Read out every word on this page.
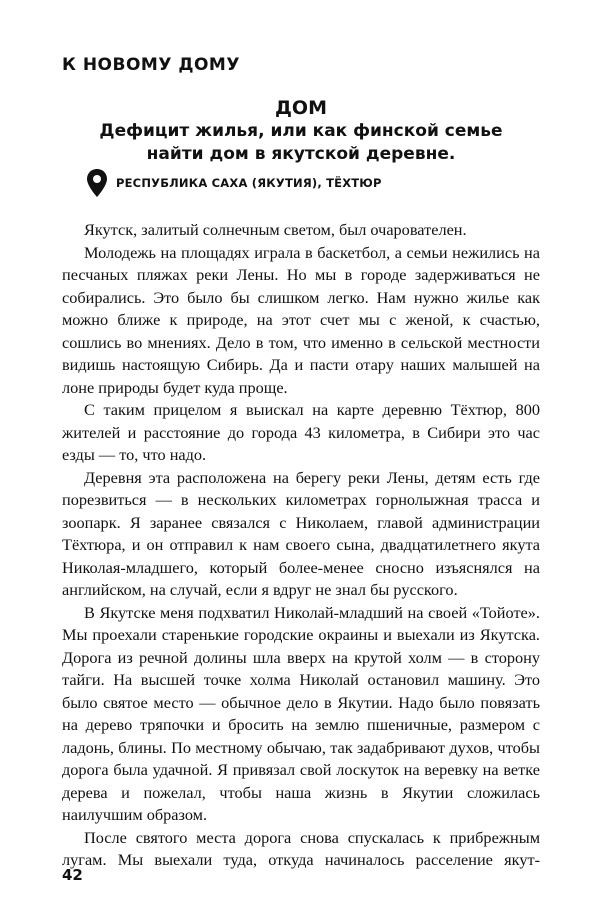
К НОВОМУ ДОМУ
ДОМ
Дефицит жилья, или как финской семье
найти дом в якутской деревне.
РЕСПУБЛИКА САХА (ЯКУТИЯ), ТЁХТЮР

Якутск, залитый солнечным светом, был очарователен.

Молодежь на площадях играла в баскетбол, а семьи нежились на песчаных пляжах реки Лены. Но мы в городе задерживаться не собирались. Это было бы слишком легко. Нам нужно жилье как можно ближе к природе, на этот счет мы с женой, к счастью, сошлись во мнениях. Дело в том, что именно в сельской местности видишь настоящую Сибирь. Да и пасти отару наших малышей на лоне природы будет куда проще.

С таким прицелом я выискал на карте деревню Тёхтюр, 800 жителей и расстояние до города 43 километра, в Сибири это час езды — то, что надо.

Деревня эта расположена на берегу реки Лены, детям есть где порезвиться — в нескольких километрах горнолыжная трасса и зоопарк. Я заранее связался с Николаем, главой администрации Тёхтюра, и он отправил к нам своего сына, двадцатилетнего якута Николая-младшего, который более-менее сносно изъяснялся на английском, на случай, если я вдруг не знал бы русского.

В Якутске меня подхватил Николай-младший на своей «Тойоте». Мы проехали старенькие городские окраины и выехали из Якутска. Дорога из речной долины шла вверх на крутой холм — в сторону тайги. На высшей точке холма Николай остановил машину. Это было святое место — обычное дело в Якутии. Надо было повязать на дерево тряпочки и бросить на землю пшеничные, размером с ладонь, блины. По местному обычаю, так задабривают духов, чтобы дорога была удачной. Я привязал свой лоскуток на веревку на ветке дерева и пожелал, чтобы наша жизнь в Якутии сложилась наилучшим образом.

После святого места дорога снова спускалась к прибрежным лугам. Мы выехали туда, откуда начиналось расселение якут-

42
